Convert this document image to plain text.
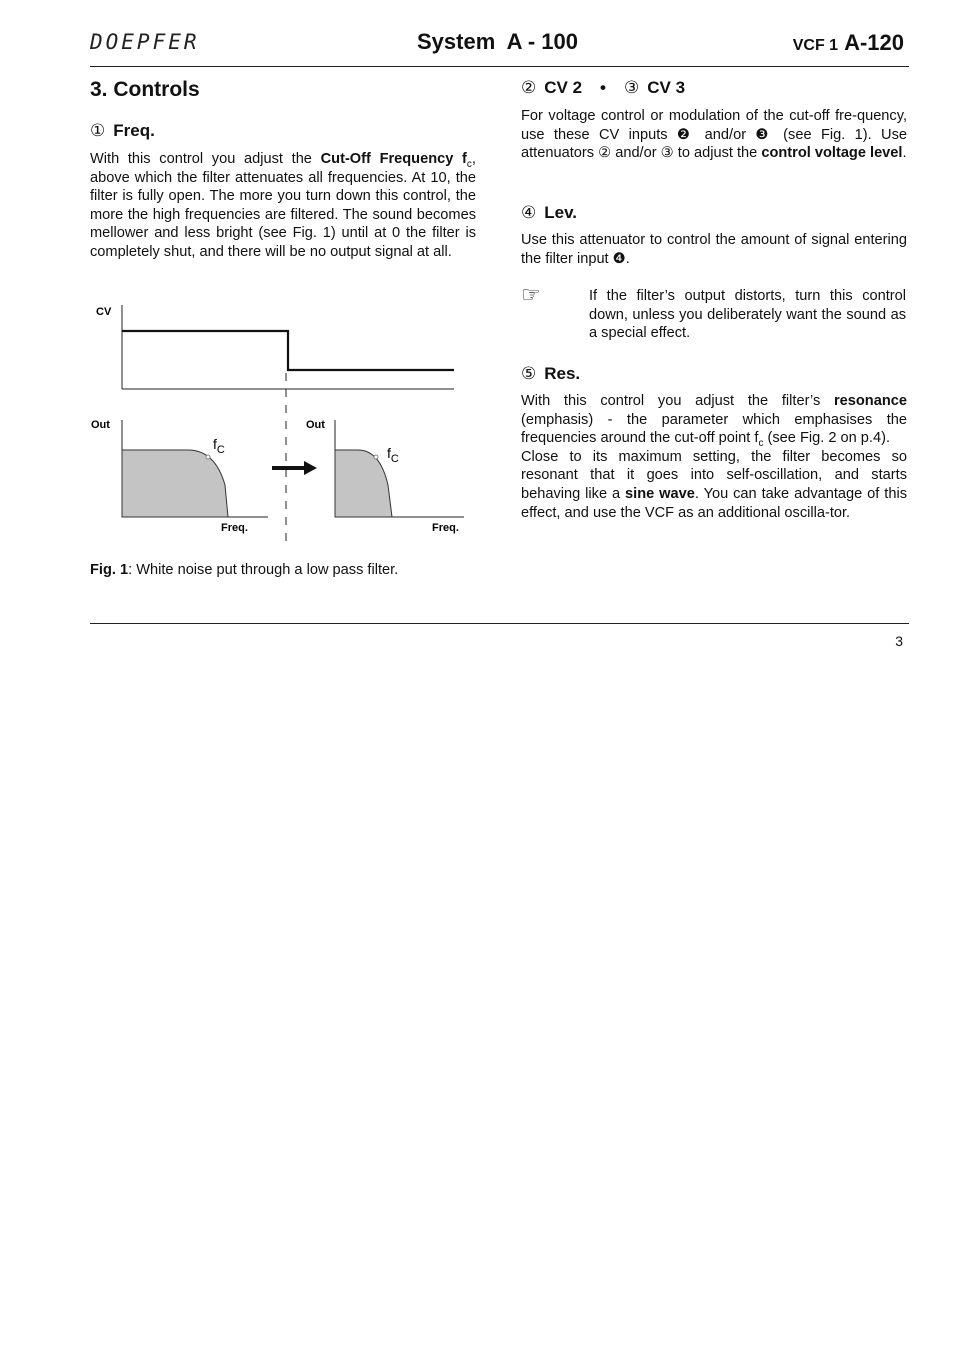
DOEPFER	System  A - 100	VCF 1 A-120
3. Controls
① Freq.

With this control you adjust the Cut-Off Frequency $f_c$, above which the filter attenuates all frequencies. At 10, the filter is fully open. The more you turn down this control, the more the high frequencies are filtered. The sound becomes mellower and less bright (see Fig. 1) until at 0 the filter is completely shut, and there will be no output signal at all.

CV
Out
$f_C$
Freq.
Out
$f_C$
Freq.
Fig. 1: White noise put through a low pass filter.
② CV 2 • ③ CV 3

For voltage control or modulation of the cut-off fre-quency, use these CV inputs ❷ and/or ❸ (see Fig. 1). Use attenuators ② and/or ③ to adjust the control voltage level.

④ Lev.

Use this attenuator to control the amount of signal entering the filter input ❹.

☞	If the filter’s output distorts, turn this control down, unless you deliberately want the sound as a special effect.

⑤ Res.

With this control you adjust the filter’s resonance (emphasis) - the parameter which emphasises the frequencies around the cut-off point $f_c$ (see Fig. 2 on p.4).

Close to its maximum setting, the filter becomes so resonant that it goes into self-oscillation, and starts behaving like a sine wave. You can take advantage of this effect, and use the VCF as an additional oscilla-tor.

3
